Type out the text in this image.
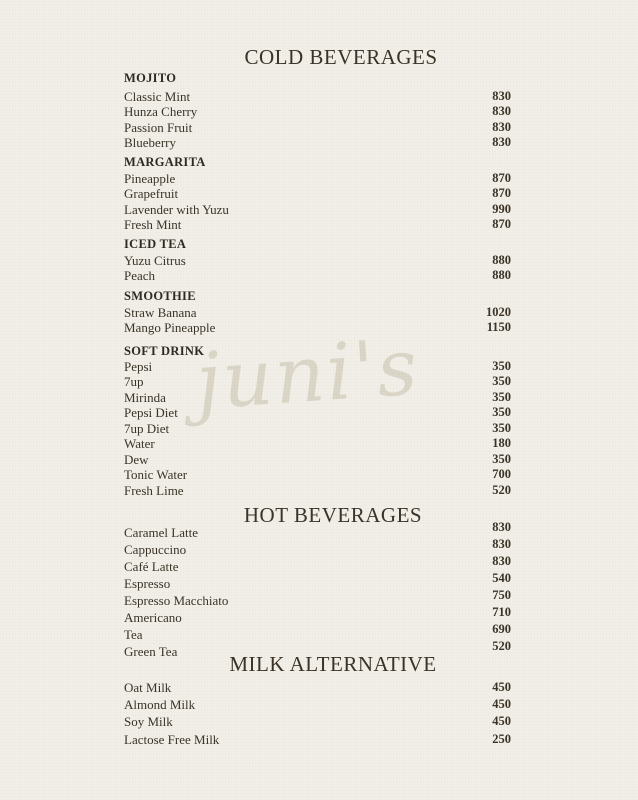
juni's
COLD BEVERAGES
MOJITO
Classic Mint	830
Hunza Cherry	830
Passion Fruit	830
Blueberry	830
MARGARITA
Pineapple	870
Grapefruit	870
Lavender with Yuzu	990
Fresh Mint	870
ICED TEA
Yuzu Citrus	880
Peach	880
SMOOTHIE
Straw Banana	1020
Mango Pineapple	1150
SOFT DRINK
Pepsi	350
7up	350
Mirinda	350
Pepsi Diet	350
7up Diet	350
Water	180
Dew	350
Tonic Water	700
Fresh Lime	520
HOT BEVERAGES
Caramel Latte	830
Cappuccino	830
Café Latte	830
Espresso	540
Espresso Macchiato	750
Americano	710
Tea	690
Green Tea	520
MILK ALTERNATIVE
Oat Milk	450
Almond Milk	450
Soy Milk	450
Lactose Free Milk	250
